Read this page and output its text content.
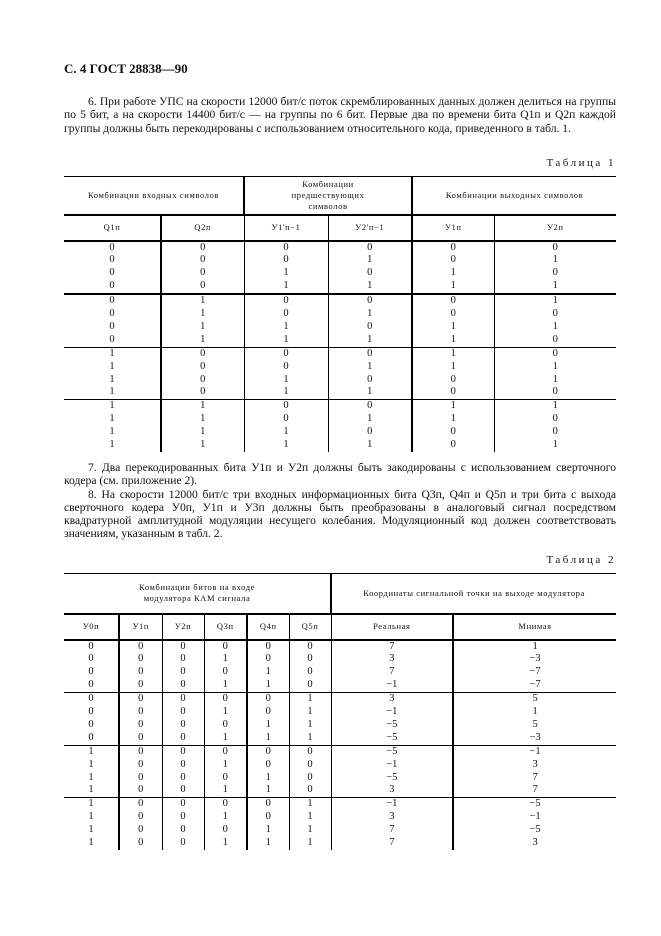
С. 4 ГОСТ 28838—90

6. При работе УПС на скорости 12000 бит/с поток скремблированных данных должен делиться на группы по 5 бит, а на скорости 14400 бит/с — на группы по 6 бит. Первые два по времени бита Q1п и Q2п каждой группы должны быть перекодированы с использованием относительного кода, приведенного в табл. 1.

Таблица 1
Комбинации входных символов		Комбинации предшествующих символов		Комбинации выходных символов	
Q1п	Q2п	У1'п−1	У2'п−1	У1п	У2п
0	0	0	0	0	0
0	0	0	1	0	1
0	0	1	0	1	0
0	0	1	1	1	1
0	1	0	0	0	1
0	1	0	1	0	0
0	1	1	0	1	1
0	1	1	1	1	0
1	0	0	0	1	0
1	0	0	1	1	1
1	0	1	0	0	1
1	0	1	1	0	0
1	1	0	0	1	1
1	1	0	1	1	0
1	1	1	0	0	0
1	1	1	1	0	1

7. Два перекодированных бита У1п и У2п должны быть закодированы с использованием сверточного кодера (см. приложение 2).

8. На скорости 12000 бит/с три входных информационных бита Q3п, Q4п и Q5п и три бита с выхода сверточного кодера У0п, У1п и У3п должны быть преобразованы в аналоговый сигнал посредством квадратурной амплитудной модуляции несущего колебания. Модуляционный код должен соответствовать значениям, указанным в табл. 2.

Таблица 2
Комбинации битов на входе модулятора КАМ сигнала						Координаты сигнальной точки на выходе модулятора	
У0п	У1п	У2п	Q3п	Q4п	Q5п	Реальная	Мнимая
0	0	0	0	0	0	7	1
0	0	0	1	0	0	3	−3
0	0	0	0	1	0	7	−7
0	0	0	1	1	0	−1	−7
0	0	0	0	0	1	3	5
0	0	0	1	0	1	−1	1
0	0	0	0	1	1	−5	5
0	0	0	1	1	1	−5	−3
1	0	0	0	0	0	−5	−1
1	0	0	1	0	0	−1	3
1	0	0	0	1	0	−5	7
1	0	0	1	1	0	3	7
1	0	0	0	0	1	−1	−5
1	0	0	1	0	1	3	−1
1	0	0	0	1	1	7	−5
1	0	0	1	1	1	7	3
